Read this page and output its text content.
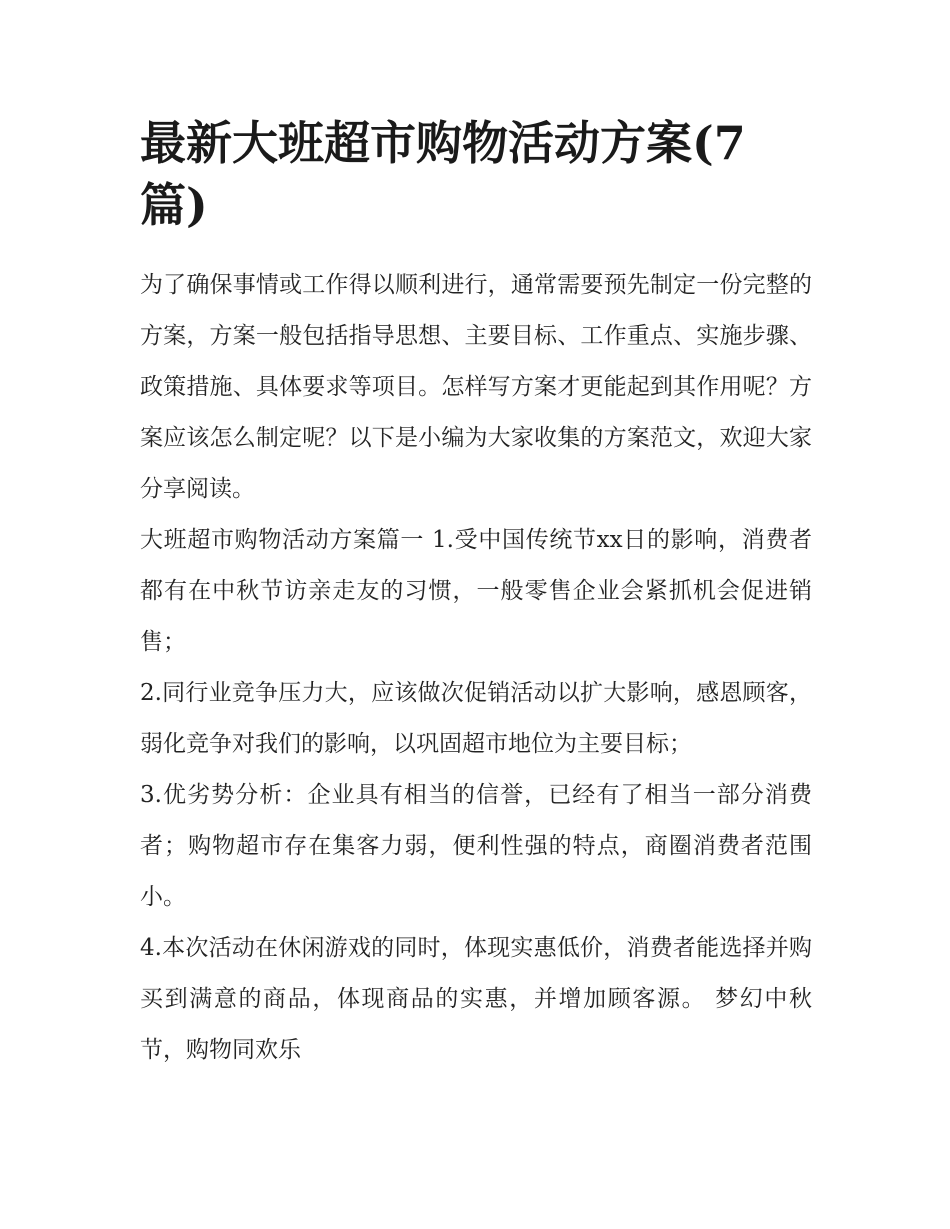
最新大班超市购物活动方案(7篇)

为了确保事情或工作得以顺利进行，通常需要预先制定一份完整的方案，方案一般包括指导思想、主要目标、工作重点、实施步骤、政策措施、具体要求等项目。怎样写方案才更能起到其作用呢？方案应该怎么制定呢？以下是小编为大家收集的方案范文，欢迎大家分享阅读。

大班超市购物活动方案篇一 1.受中国传统节xx日的影响，消费者都有在中秋节访亲走友的习惯，一般零售企业会紧抓机会促进销售；

2.同行业竞争压力大，应该做次促销活动以扩大影响，感恩顾客，弱化竞争对我们的影响，以巩固超市地位为主要目标；

3.优劣势分析：企业具有相当的信誉，已经有了相当一部分消费者；购物超市存在集客力弱，便利性强的特点，商圈消费者范围小。

4.本次活动在休闲游戏的同时，体现实惠低价，消费者能选择并购买到满意的商品，体现商品的实惠，并增加顾客源。 梦幻中秋节，购物同欢乐
